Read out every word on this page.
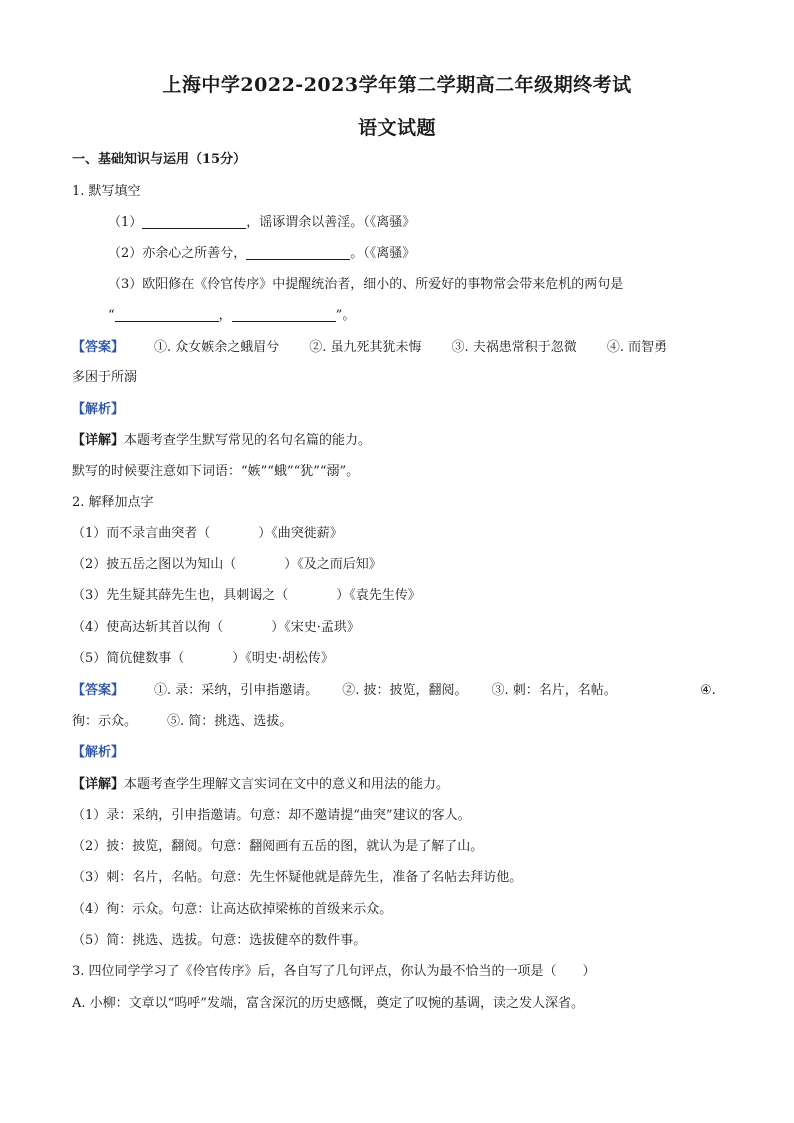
上海中学2022-2023学年第二学期高二年级期终考试
语文试题
一、基础知识与运用（15分）
1. 默写填空
（1）	，谣诼谓余以善淫。（《离骚》
（2）亦余心之所善兮，	。（《离骚》
（3）欧阳修在《伶官传序》中提醒统治者，细小的、所爱好的事物常会带来危机的两句是
“	，	”。
【答案】 ①. 众女嫉余之蛾眉兮 ②. 虽九死其犹未悔 ③. 夫祸患常积于忽微 ④. 而智勇
多困于所溺
【解析】
【详解】本题考查学生默写常见的名句名篇的能力。
默写的时候要注意如下词语：“嫉”“蛾”“犹”“溺”。
2. 解释加点字
（1）而不录言曲突者（	）《曲突徙薪》
（2）披五岳之图以为知山（	）《及之而后知》
（3）先生疑其薛先生也，具刺谒之（	）《袁先生传》
（4）使高达斩其首以徇（	）《宋史·孟珙》
（5）简伉健数事（	）《明史·胡松传》
【答案】 ①. 录：采纳，引申指邀请。 ②. 披：披览，翻阅。 ③. 刺：名片，名帖。	④.
徇：示众。 ⑤. 简：挑选、选拔。
【解析】
【详解】本题考查学生理解文言实词在文中的意义和用法的能力。
（1）录：采纳，引申指邀请。句意：却不邀请提“曲突”建议的客人。
（2）披：披览，翻阅。句意：翻阅画有五岳的图，就认为是了解了山。
（3）刺：名片，名帖。句意：先生怀疑他就是薛先生，准备了名帖去拜访他。
（4）徇：示众。句意：让高达砍掉梁栋的首级来示众。
（5）简：挑选、选拔。句意：选拔健卒的数件事。
3. 四位同学学习了《伶官传序》后，各自写了几句评点，你认为最不恰当的一项是（　　）
A. 小柳：文章以“呜呼”发端，富含深沉的历史感慨，奠定了叹惋的基调，读之发人深省。
